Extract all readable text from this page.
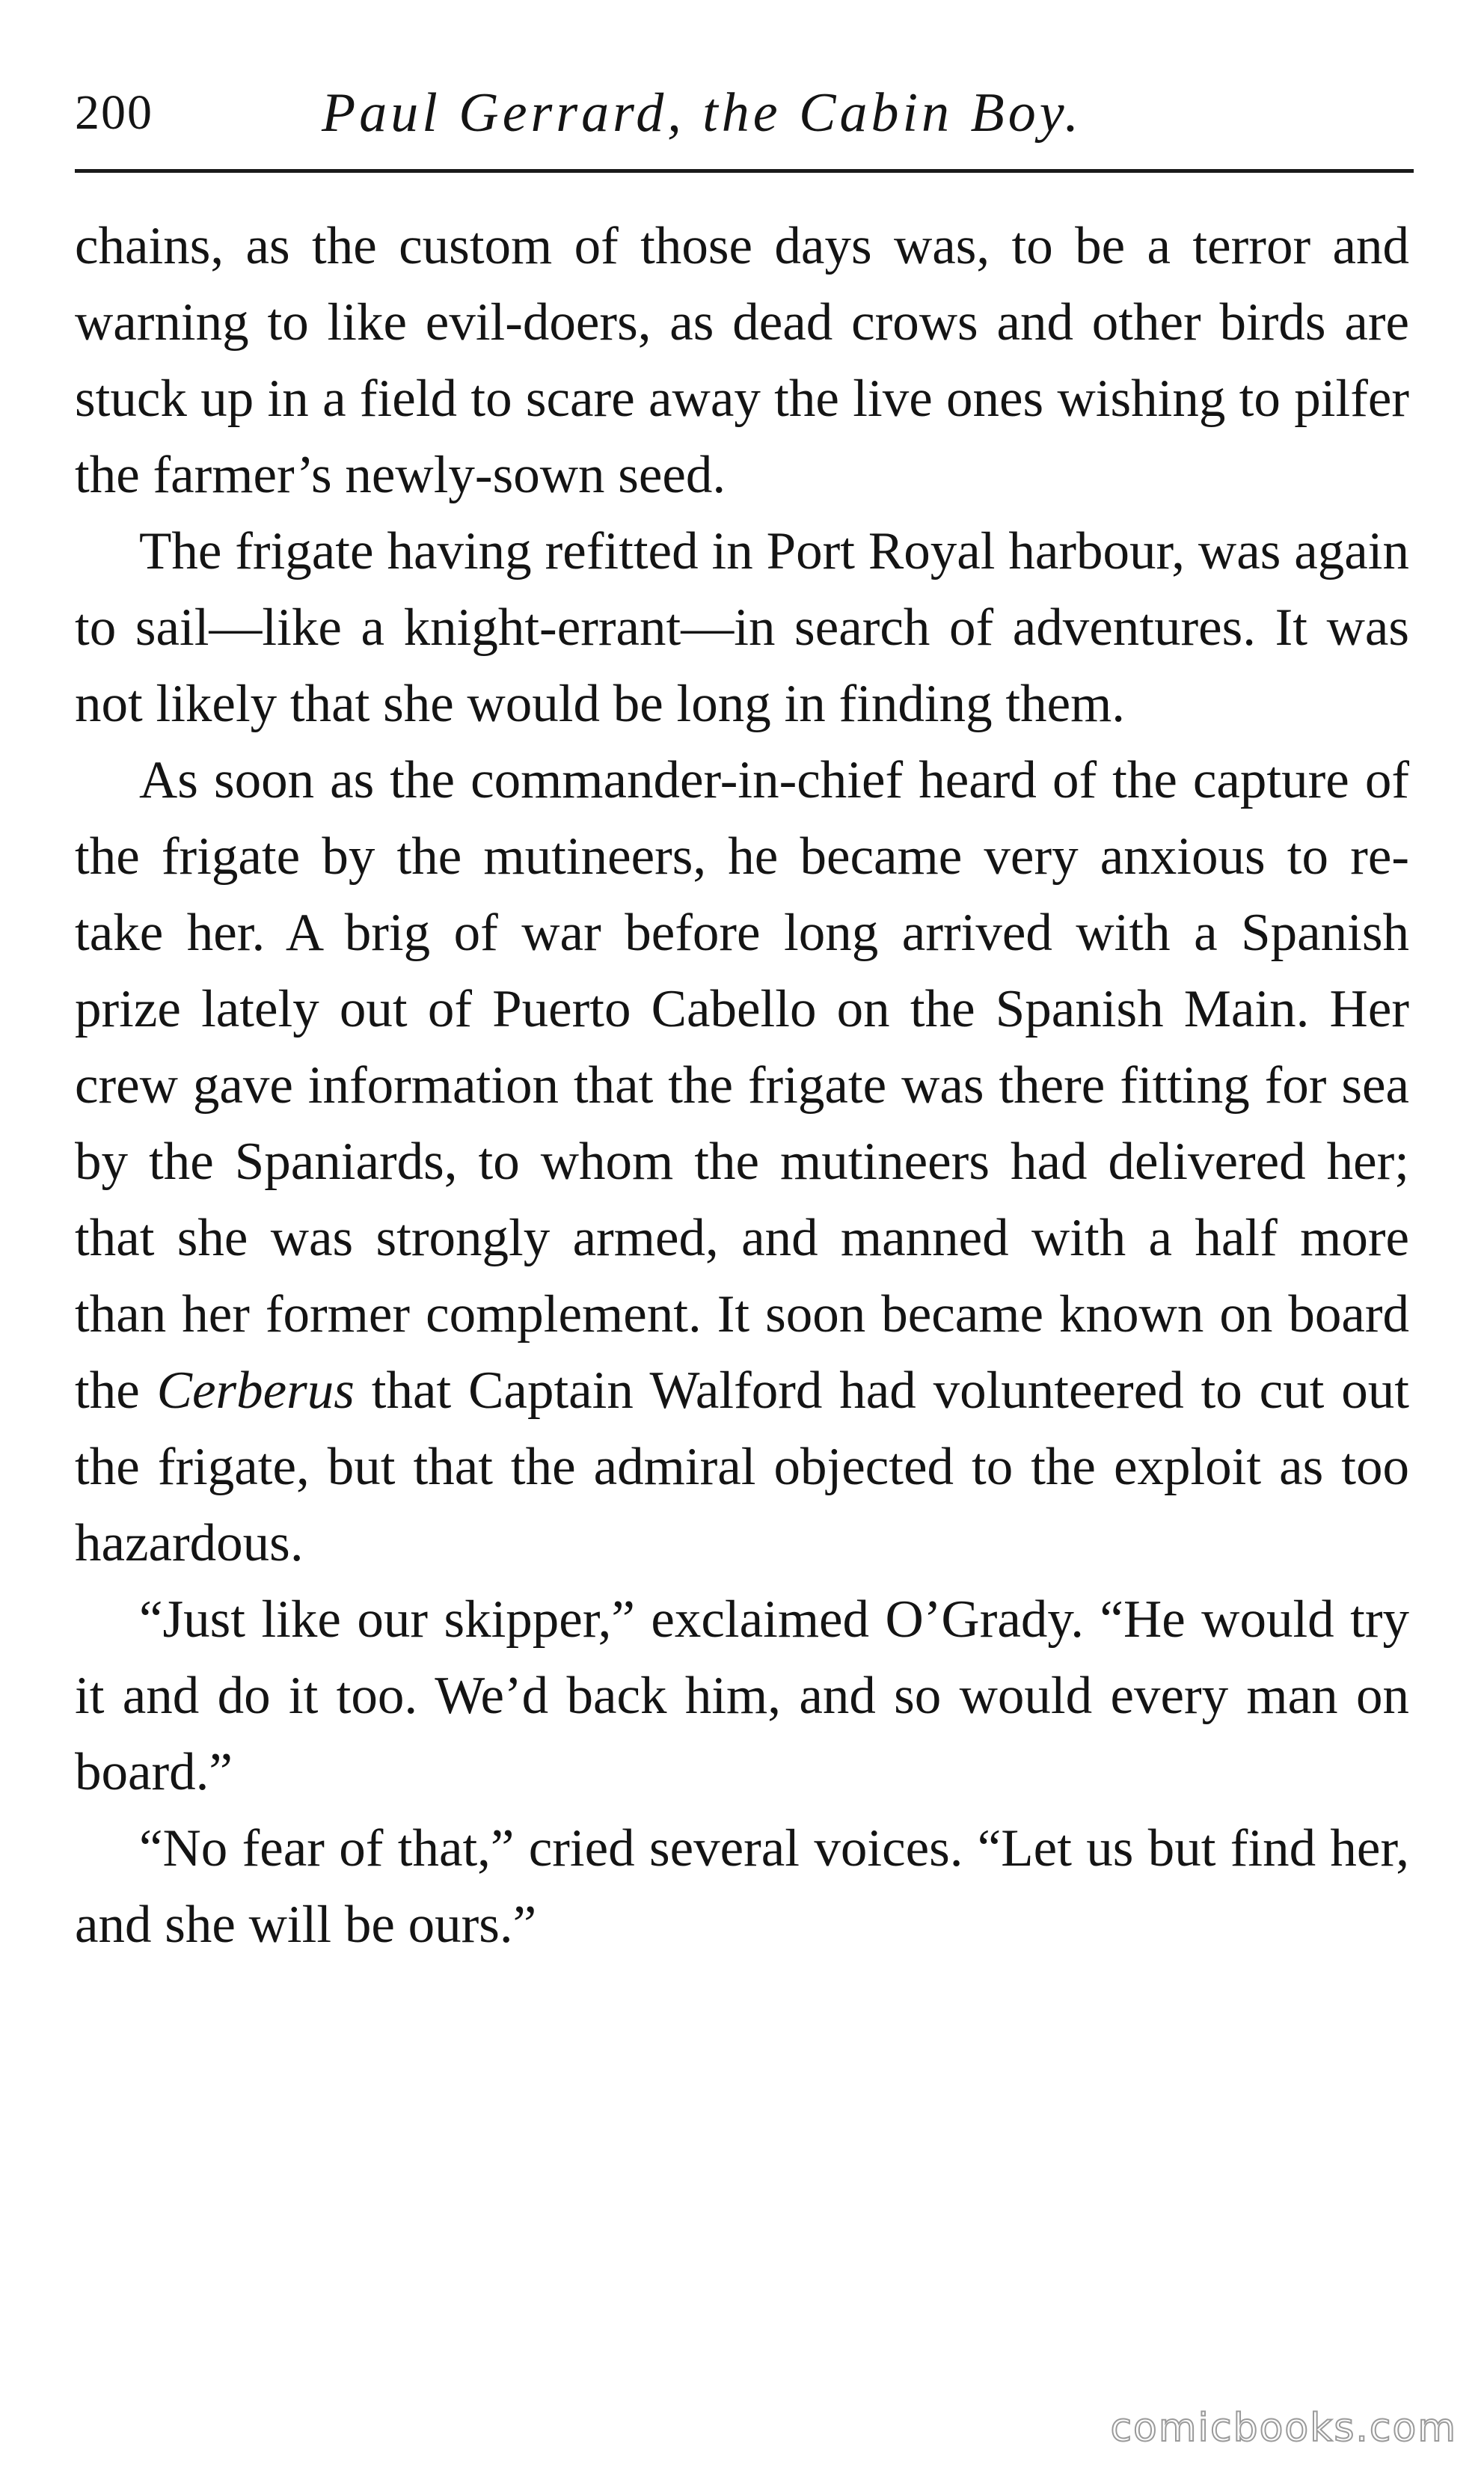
200	Paul Gerrard, the Cabin Boy.

chains, as the custom of those days was, to be a terror and warning to like evil-doers, as dead crows and other birds are stuck up in a field to scare away the live ones wishing to pilfer the farmer’s newly-sown seed.

The frigate having refitted in Port Royal harbour, was again to sail—like a knight-errant—in search of adventures. It was not likely that she would be long in finding them.

As soon as the commander-in-chief heard of the capture of the frigate by the mutineers, he became very anxious to re-take her. A brig of war before long arrived with a Spanish prize lately out of Puerto Cabello on the Spanish Main. Her crew gave information that the frigate was there fitting for sea by the Spaniards, to whom the mutineers had delivered her; that she was strongly armed, and manned with a half more than her former complement. It soon became known on board the Cerberus that Captain Walford had volunteered to cut out the frigate, but that the admiral objected to the exploit as too hazardous.

“Just like our skipper,” exclaimed O’Grady. “He would try it and do it too. We’d back him, and so would every man on board.”

“No fear of that,” cried several voices. “Let us but find her, and she will be ours.”

comicbooks.com
